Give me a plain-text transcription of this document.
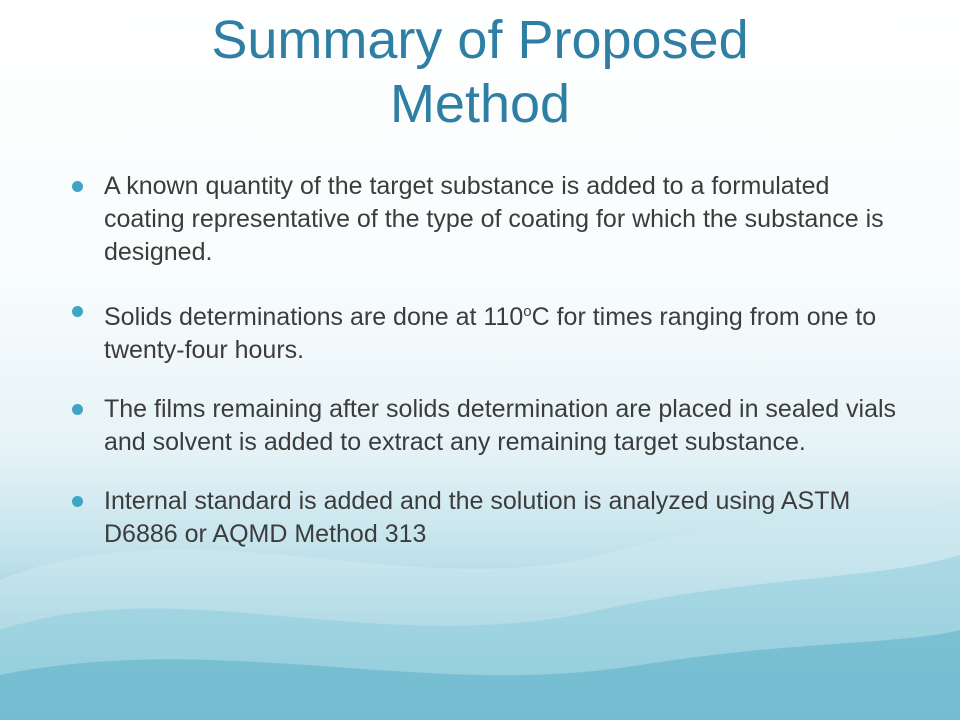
Summary of Proposed
Method
A known quantity of the target substance is added to a formulated coating representative of the type of coating for which the substance is designed.
Solids determinations are done at 110$^o$C for times ranging from one to twenty-four hours.
The films remaining after solids determination are placed in sealed vials and solvent is added to extract any remaining target substance.
Internal standard is added and the solution is analyzed using ASTM D6886 or AQMD Method 313
